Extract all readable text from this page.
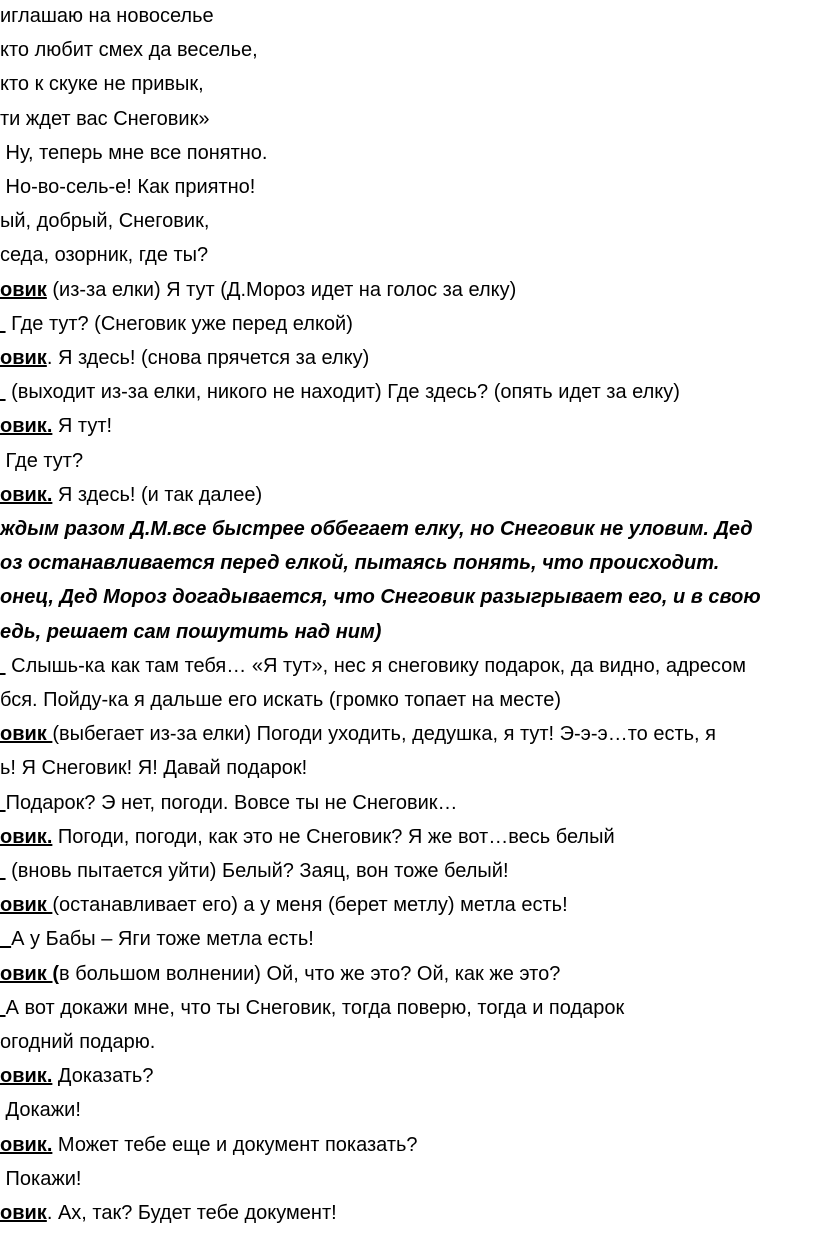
иглашаю на новоселье
кто любит смех да веселье,
кто к скуке не привык,
ти ждет вас Снеговик»
Ну, теперь мне все понятно.
Но-во-сель-е! Как приятно!
ый, добрый, Снеговик,
седа, озорник, где ты?
овик (из-за елки) Я тут (Д.Мороз идет на голос за елку)
Где тут? (Снеговик уже перед елкой)
овик. Я здесь! (снова прячется за елку)
(выходит из-за елки, никого не находит) Где здесь? (опять идет за елку)
овик. Я тут!
Где тут?
овик. Я здесь! (и так далее)
ждым разом Д.М.все быстрее оббегает елку, но Снеговик не уловим. Дед
оз останавливается перед елкой, пытаясь понять, что происходит.
онец, Дед Мороз догадывается, что Снеговик разыгрывает его, и в свою
едь, решает сам пошутить над ним)
Слышь-ка как там тебя… «Я тут», нес я снеговику подарок, да видно, адресом
бся. Пойду-ка я дальше его искать (громко топает на месте)
овик (выбегает из-за елки) Погоди уходить, дедушка, я тут! Э-э-э…то есть, я
ь! Я Снеговик! Я! Давай подарок!
Подарок? Э нет, погоди. Вовсе ты не Снеговик…
овик. Погоди, погоди, как это не Снеговик? Я же вот…весь белый
(вновь пытается уйти) Белый? Заяц, вон тоже белый!
овик (останавливает его) а у меня (берет метлу) метла есть!
А у Бабы – Яги тоже метла есть!
овик (в большом волнении) Ой, что же это? Ой, как же это?
А вот докажи мне, что ты Снеговик, тогда поверю, тогда и подарок
огодний подарю.
овик. Доказать?
Докажи!
овик. Может тебе еще и документ показать?
Покажи!
овик. Ах, так? Будет тебе документ!
